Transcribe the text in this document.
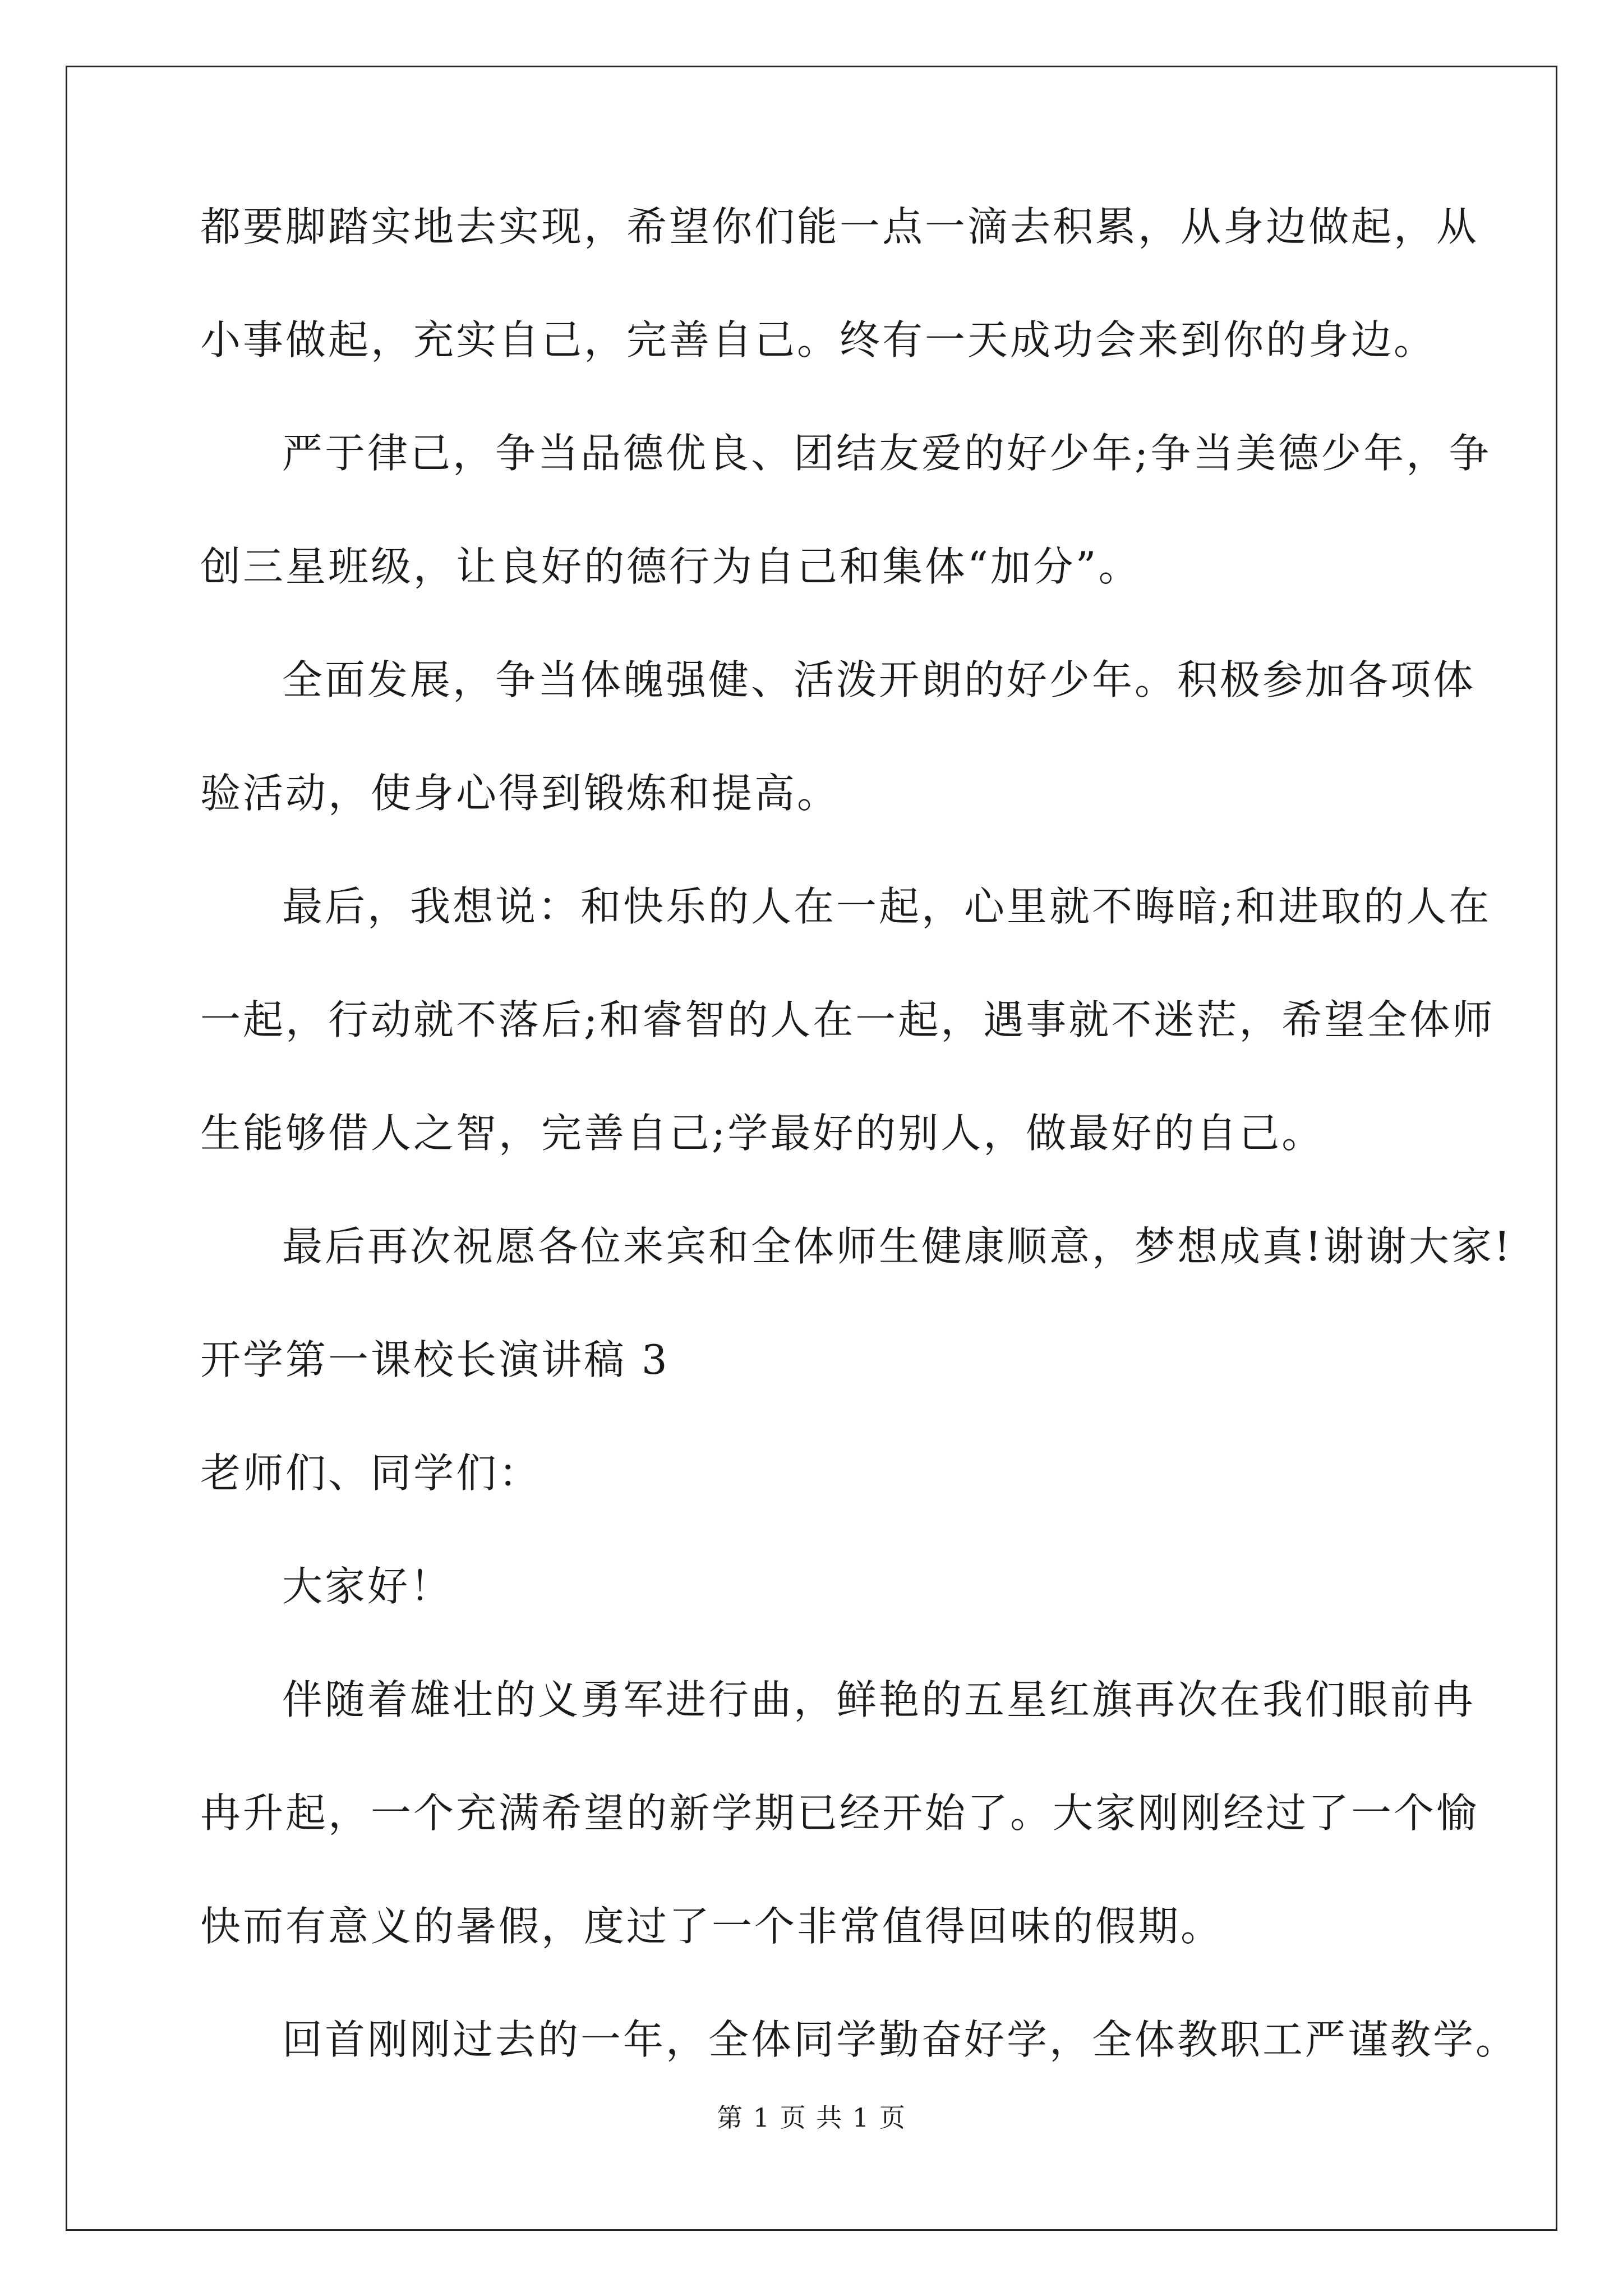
都要脚踏实地去实现，希望你们能一点一滴去积累，从身边做起，从
小事做起，充实自己，完善自己。终有一天成功会来到你的身边。
严于律己，争当品德优良、团结友爱的好少年;争当美德少年，争
创三星班级，让良好的德行为自己和集体“加分”。
全面发展，争当体魄强健、活泼开朗的好少年。积极参加各项体
验活动，使身心得到锻炼和提高。
最后，我想说：和快乐的人在一起，心里就不晦暗;和进取的人在
一起，行动就不落后;和睿智的人在一起，遇事就不迷茫，希望全体师
生能够借人之智，完善自己;学最好的别人，做最好的自己。
最后再次祝愿各位来宾和全体师生健康顺意，梦想成真!谢谢大家!
开学第一课校长演讲稿 3
老师们、同学们：
大家好！
伴随着雄壮的义勇军进行曲，鲜艳的五星红旗再次在我们眼前冉
冉升起，一个充满希望的新学期已经开始了。大家刚刚经过了一个愉
快而有意义的暑假，度过了一个非常值得回味的假期。
回首刚刚过去的一年，全体同学勤奋好学，全体教职工严谨教学。
第 1 页 共 1 页
